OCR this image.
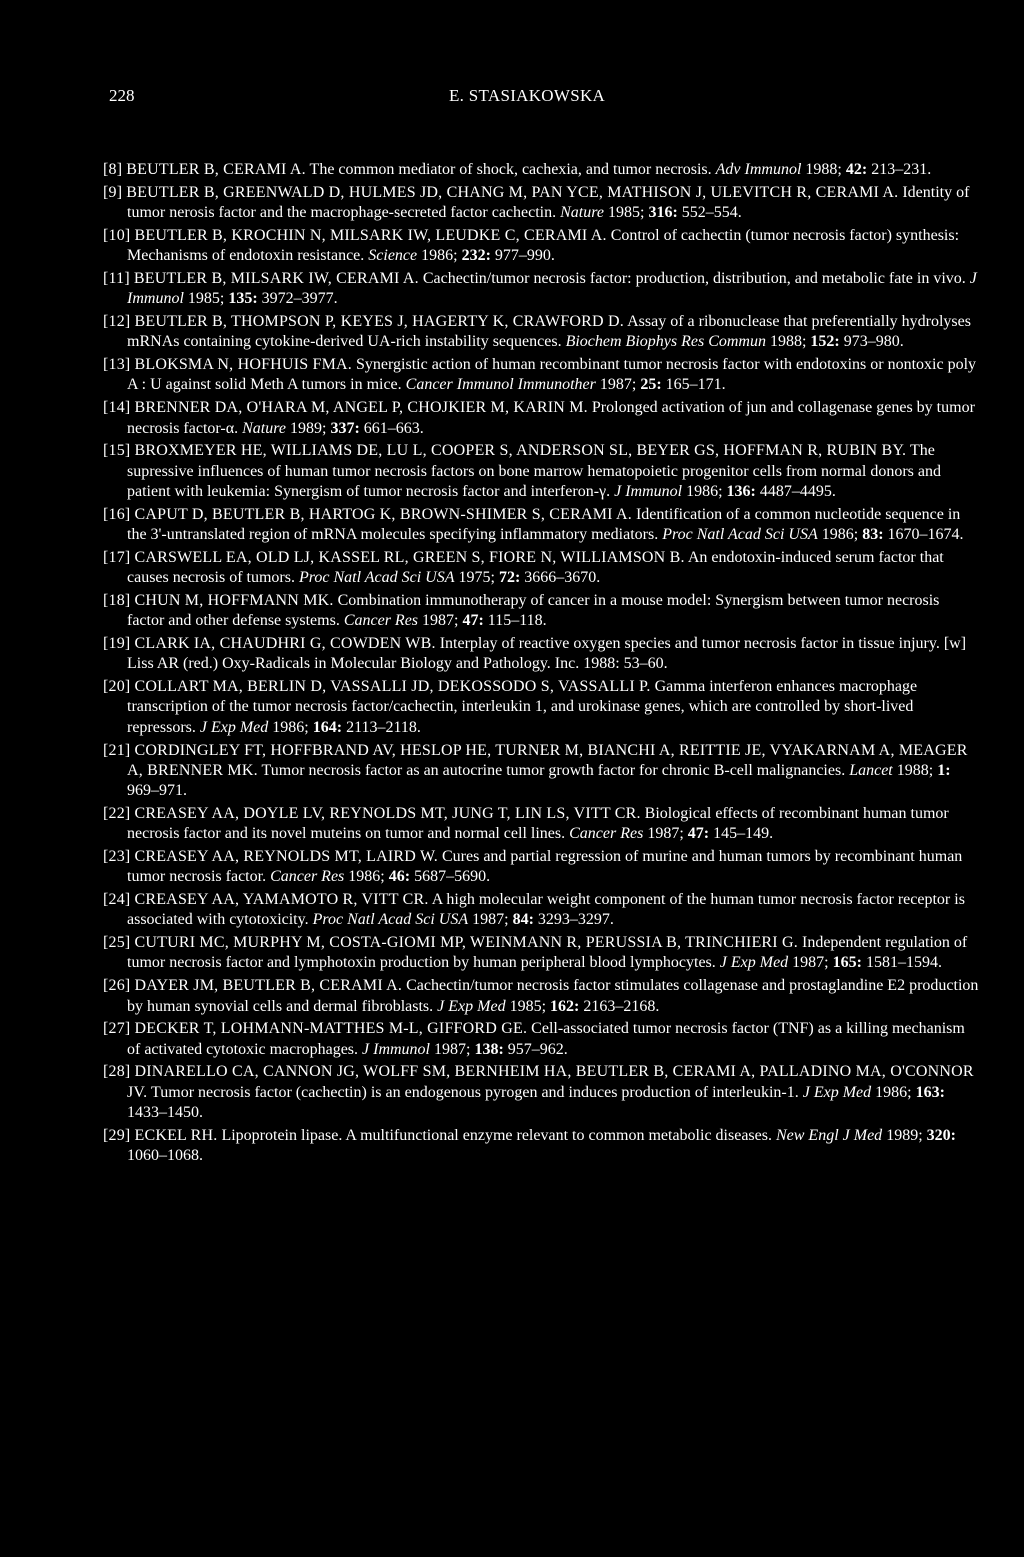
228	E. STASIAKOWSKA

[8] BEUTLER B, CERAMI A. The common mediator of shock, cachexia, and tumor necrosis. Adv Immunol 1988; 42: 213–231.

[9] BEUTLER B, GREENWALD D, HULMES JD, CHANG M, PAN YCE, MATHISON J, ULEVITCH R, CERAMI A. Identity of tumor nerosis factor and the macrophage-secreted factor cachectin. Nature 1985; 316: 552–554.

[10] BEUTLER B, KROCHIN N, MILSARK IW, LEUDKE C, CERAMI A. Control of cachectin (tumor necrosis factor) synthesis: Mechanisms of endotoxin resistance. Science 1986; 232: 977–990.

[11] BEUTLER B, MILSARK IW, CERAMI A. Cachectin/tumor necrosis factor: production, distribution, and metabolic fate in vivo. J Immunol 1985; 135: 3972–3977.

[12] BEUTLER B, THOMPSON P, KEYES J, HAGERTY K, CRAWFORD D. Assay of a ribonuclease that preferentially hydrolyses mRNAs containing cytokine-derived UA-rich instability sequences. Biochem Biophys Res Commun 1988; 152: 973–980.

[13] BLOKSMA N, HOFHUIS FMA. Synergistic action of human recombinant tumor necrosis factor with endotoxins or nontoxic poly A : U against solid Meth A tumors in mice. Cancer Immunol Immunother 1987; 25: 165–171.

[14] BRENNER DA, O'HARA M, ANGEL P, CHOJKIER M, KARIN M. Prolonged activation of jun and collagenase genes by tumor necrosis factor-α. Nature 1989; 337: 661–663.

[15] BROXMEYER HE, WILLIAMS DE, LU L, COOPER S, ANDERSON SL, BEYER GS, HOFFMAN R, RUBIN BY. The supressive influences of human tumor necrosis factors on bone marrow hematopoietic progenitor cells from normal donors and patient with leukemia: Synergism of tumor necrosis factor and interferon-γ. J Immunol 1986; 136: 4487–4495.

[16] CAPUT D, BEUTLER B, HARTOG K, BROWN-SHIMER S, CERAMI A. Identification of a common nucleotide sequence in the 3'-untranslated region of mRNA molecules specifying inflammatory mediators. Proc Natl Acad Sci USA 1986; 83: 1670–1674.

[17] CARSWELL EA, OLD LJ, KASSEL RL, GREEN S, FIORE N, WILLIAMSON B. An endotoxin-induced serum factor that causes necrosis of tumors. Proc Natl Acad Sci USA 1975; 72: 3666–3670.

[18] CHUN M, HOFFMANN MK. Combination immunotherapy of cancer in a mouse model: Synergism between tumor necrosis factor and other defense systems. Cancer Res 1987; 47: 115–118.

[19] CLARK IA, CHAUDHRI G, COWDEN WB. Interplay of reactive oxygen species and tumor necrosis factor in tissue injury. [w] Liss AR (red.) Oxy-Radicals in Molecular Biology and Pathology. Inc. 1988: 53–60.

[20] COLLART MA, BERLIN D, VASSALLI JD, DEKOSSODO S, VASSALLI P. Gamma interferon enhances macrophage transcription of the tumor necrosis factor/cachectin, interleukin 1, and urokinase genes, which are controlled by short-lived repressors. J Exp Med 1986; 164: 2113–2118.

[21] CORDINGLEY FT, HOFFBRAND AV, HESLOP HE, TURNER M, BIANCHI A, REITTIE JE, VYAKARNAM A, MEAGER A, BRENNER MK. Tumor necrosis factor as an autocrine tumor growth factor for chronic B-cell malignancies. Lancet 1988; 1: 969–971.

[22] CREASEY AA, DOYLE LV, REYNOLDS MT, JUNG T, LIN LS, VITT CR. Biological effects of recombinant human tumor necrosis factor and its novel muteins on tumor and normal cell lines. Cancer Res 1987; 47: 145–149.

[23] CREASEY AA, REYNOLDS MT, LAIRD W. Cures and partial regression of murine and human tumors by recombinant human tumor necrosis factor. Cancer Res 1986; 46: 5687–5690.

[24] CREASEY AA, YAMAMOTO R, VITT CR. A high molecular weight component of the human tumor necrosis factor receptor is associated with cytotoxicity. Proc Natl Acad Sci USA 1987; 84: 3293–3297.

[25] CUTURI MC, MURPHY M, COSTA-GIOMI MP, WEINMANN R, PERUSSIA B, TRINCHIERI G. Independent regulation of tumor necrosis factor and lymphotoxin production by human peripheral blood lymphocytes. J Exp Med 1987; 165: 1581–1594.

[26] DAYER JM, BEUTLER B, CERAMI A. Cachectin/tumor necrosis factor stimulates collagenase and prostaglandine E2 production by human synovial cells and dermal fibroblasts. J Exp Med 1985; 162: 2163–2168.

[27] DECKER T, LOHMANN-MATTHES M-L, GIFFORD GE. Cell-associated tumor necrosis factor (TNF) as a killing mechanism of activated cytotoxic macrophages. J Immunol 1987; 138: 957–962.

[28] DINARELLO CA, CANNON JG, WOLFF SM, BERNHEIM HA, BEUTLER B, CERAMI A, PALLADINO MA, O'CONNOR JV. Tumor necrosis factor (cachectin) is an endogenous pyrogen and induces production of interleukin-1. J Exp Med 1986; 163: 1433–1450.

[29] ECKEL RH. Lipoprotein lipase. A multifunctional enzyme relevant to common metabolic diseases. New Engl J Med 1989; 320: 1060–1068.
